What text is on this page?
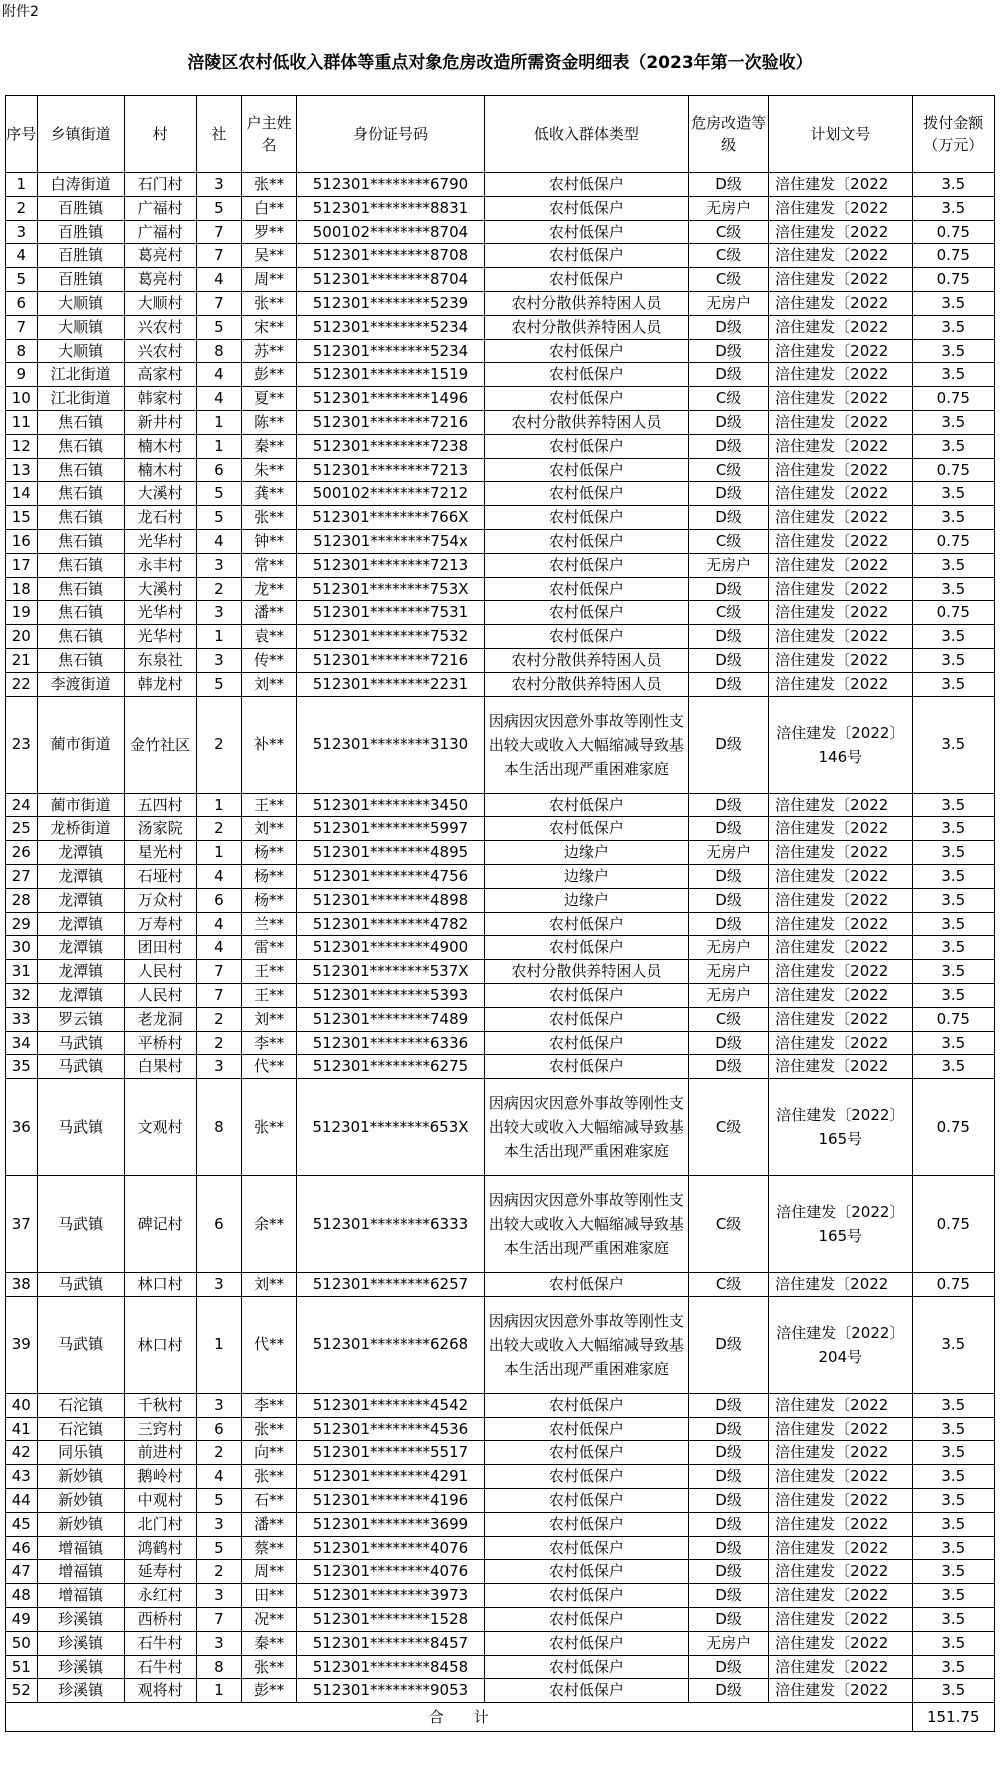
附件2
涪陵区农村低收入群体等重点对象危房改造所需资金明细表（2023年第一次验收）
序号	乡镇街道	村	社	户主姓名	身份证号码	低收入群体类型	危房改造等级	计划文号	拨付金额（万元）
1	白涛街道	石门村	3	张**	512301********6790	农村低保户	D级	涪住建发〔2022	3.5
2	百胜镇	广福村	5	白**	512301********8831	农村低保户	无房户	涪住建发〔2022	3.5
3	百胜镇	广福村	7	罗**	500102********8704	农村低保户	C级	涪住建发〔2022	0.75
4	百胜镇	葛亮村	7	吴**	512301********8708	农村低保户	C级	涪住建发〔2022	0.75
5	百胜镇	葛亮村	4	周**	512301********8704	农村低保户	C级	涪住建发〔2022	0.75
6	大顺镇	大顺村	7	张**	512301********5239	农村分散供养特困人员	无房户	涪住建发〔2022	3.5
7	大顺镇	兴农村	5	宋**	512301********5234	农村分散供养特困人员	D级	涪住建发〔2022	3.5
8	大顺镇	兴农村	8	苏**	512301********5234	农村低保户	D级	涪住建发〔2022	3.5
9	江北街道	高家村	4	彭**	512301********1519	农村低保户	D级	涪住建发〔2022	3.5
10	江北街道	韩家村	4	夏**	512301********1496	农村低保户	C级	涪住建发〔2022	0.75
11	焦石镇	新井村	1	陈**	512301********7216	农村分散供养特困人员	D级	涪住建发〔2022	3.5
12	焦石镇	楠木村	1	秦**	512301********7238	农村低保户	D级	涪住建发〔2022	3.5
13	焦石镇	楠木村	6	朱**	512301********7213	农村低保户	C级	涪住建发〔2022	0.75
14	焦石镇	大溪村	5	龚**	500102********7212	农村低保户	D级	涪住建发〔2022	3.5
15	焦石镇	龙石村	5	张**	512301********766X	农村低保户	D级	涪住建发〔2022	3.5
16	焦石镇	光华村	4	钟**	512301********754x	农村低保户	C级	涪住建发〔2022	0.75
17	焦石镇	永丰村	3	常**	512301********7213	农村低保户	无房户	涪住建发〔2022	3.5
18	焦石镇	大溪村	2	龙**	512301********753X	农村低保户	D级	涪住建发〔2022	3.5
19	焦石镇	光华村	3	潘**	512301********7531	农村低保户	C级	涪住建发〔2022	0.75
20	焦石镇	光华村	1	袁**	512301********7532	农村低保户	D级	涪住建发〔2022	3.5
21	焦石镇	东泉社	3	传**	512301********7216	农村分散供养特困人员	D级	涪住建发〔2022	3.5
22	李渡街道	韩龙村	5	刘**	512301********2231	农村分散供养特困人员	D级	涪住建发〔2022	3.5
23	蔺市街道	金竹社区	2	补**	512301********3130	因病因灾因意外事故等刚性支出较大或收入大幅缩减导致基本生活出现严重困难家庭	D级	涪住建发〔2022〕146号	3.5
24	蔺市街道	五四村	1	王**	512301********3450	农村低保户	D级	涪住建发〔2022	3.5
25	龙桥街道	汤家院	2	刘**	512301********5997	农村低保户	D级	涪住建发〔2022	3.5
26	龙潭镇	星光村	1	杨**	512301********4895	边缘户	无房户	涪住建发〔2022	3.5
27	龙潭镇	石垭村	4	杨**	512301********4756	边缘户	D级	涪住建发〔2022	3.5
28	龙潭镇	万众村	6	杨**	512301********4898	边缘户	D级	涪住建发〔2022	3.5
29	龙潭镇	万寿村	4	兰**	512301********4782	农村低保户	D级	涪住建发〔2022	3.5
30	龙潭镇	团田村	4	雷**	512301********4900	农村低保户	无房户	涪住建发〔2022	3.5
31	龙潭镇	人民村	7	王**	512301********537X	农村分散供养特困人员	无房户	涪住建发〔2022	3.5
32	龙潭镇	人民村	7	王**	512301********5393	农村低保户	无房户	涪住建发〔2022	3.5
33	罗云镇	老龙洞	2	刘**	512301********7489	农村低保户	C级	涪住建发〔2022	0.75
34	马武镇	平桥村	2	李**	512301********6336	农村低保户	D级	涪住建发〔2022	3.5
35	马武镇	白果村	3	代**	512301********6275	农村低保户	D级	涪住建发〔2022	3.5
36	马武镇	文观村	8	张**	512301********653X	因病因灾因意外事故等刚性支出较大或收入大幅缩减导致基本生活出现严重困难家庭	C级	涪住建发〔2022〕165号	0.75
37	马武镇	碑记村	6	余**	512301********6333	因病因灾因意外事故等刚性支出较大或收入大幅缩减导致基本生活出现严重困难家庭	C级	涪住建发〔2022〕165号	0.75
38	马武镇	林口村	3	刘**	512301********6257	农村低保户	C级	涪住建发〔2022	0.75
39	马武镇	林口村	1	代**	512301********6268	因病因灾因意外事故等刚性支出较大或收入大幅缩减导致基本生活出现严重困难家庭	D级	涪住建发〔2022〕204号	3.5
40	石沱镇	千秋村	3	李**	512301********4542	农村低保户	D级	涪住建发〔2022	3.5
41	石沱镇	三窍村	6	张**	512301********4536	农村低保户	D级	涪住建发〔2022	3.5
42	同乐镇	前进村	2	向**	512301********5517	农村低保户	D级	涪住建发〔2022	3.5
43	新妙镇	鹅岭村	4	张**	512301********4291	农村低保户	D级	涪住建发〔2022	3.5
44	新妙镇	中观村	5	石**	512301********4196	农村低保户	D级	涪住建发〔2022	3.5
45	新妙镇	北门村	3	潘**	512301********3699	农村低保户	D级	涪住建发〔2022	3.5
46	增福镇	鸿鹤村	5	蔡**	512301********4076	农村低保户	D级	涪住建发〔2022	3.5
47	增福镇	延寿村	2	周**	512301********4076	农村低保户	D级	涪住建发〔2022	3.5
48	增福镇	永红村	3	田**	512301********3973	农村低保户	D级	涪住建发〔2022	3.5
49	珍溪镇	西桥村	7	况**	512301********1528	农村低保户	D级	涪住建发〔2022	3.5
50	珍溪镇	石牛村	3	秦**	512301********8457	农村低保户	无房户	涪住建发〔2022	3.5
51	珍溪镇	石牛村	8	张**	512301********8458	农村低保户	D级	涪住建发〔2022	3.5
52	珍溪镇	观将村	1	彭**	512301********9053	农村低保户	D级	涪住建发〔2022	3.5
合　　计									151.75
